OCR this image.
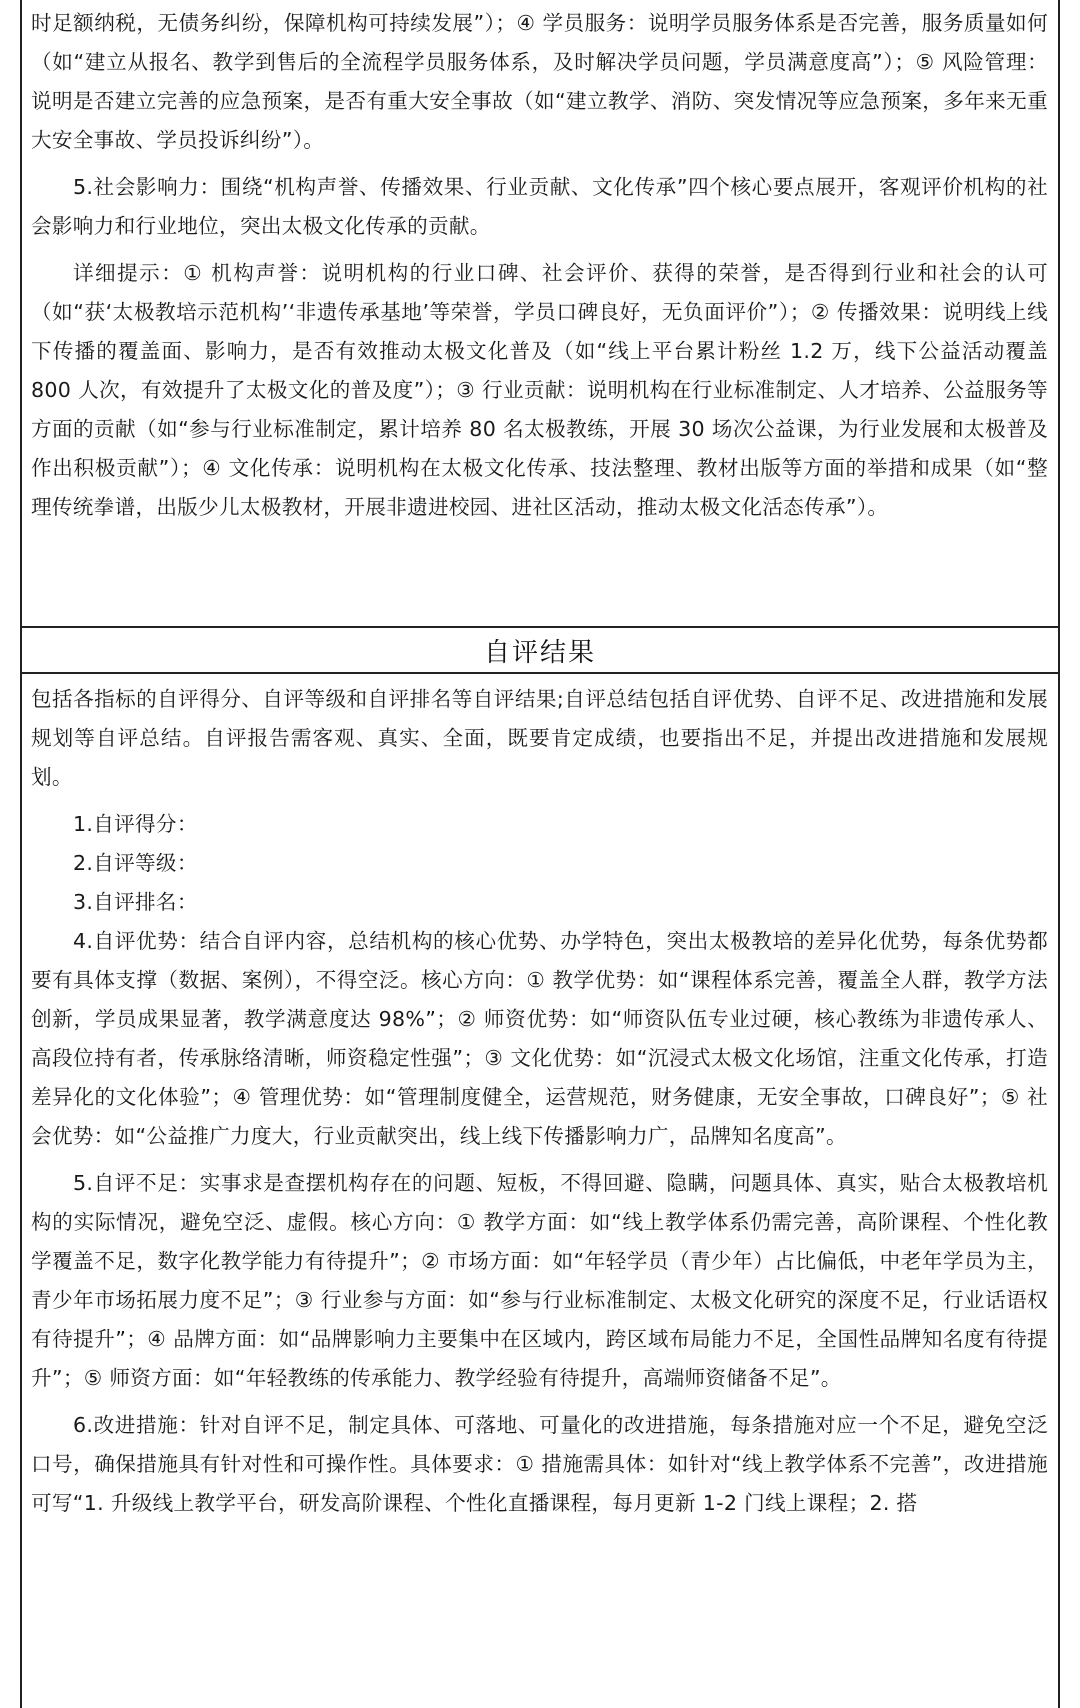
时足额纳税，无债务纠纷，保障机构可持续发展”）；④ 学员服务：说明学员服务体系是否完善，服务质量如何（如“建立从报名、教学到售后的全流程学员服务体系，及时解决学员问题，学员满意度高”）；⑤ 风险管理：说明是否建立完善的应急预案，是否有重大安全事故（如“建立教学、消防、突发情况等应急预案，多年来无重大安全事故、学员投诉纠纷”）。

5.社会影响力：围绕“机构声誉、传播效果、行业贡献、文化传承”四个核心要点展开，客观评价机构的社会影响力和行业地位，突出太极文化传承的贡献。

详细提示：① 机构声誉：说明机构的行业口碑、社会评价、获得的荣誉，是否得到行业和社会的认可（如“获‘太极教培示范机构’‘非遗传承基地’等荣誉，学员口碑良好，无负面评价”）；② 传播效果：说明线上线下传播的覆盖面、影响力，是否有效推动太极文化普及（如“线上平台累计粉丝 1.2 万，线下公益活动覆盖 800 人次，有效提升了太极文化的普及度”）；③ 行业贡献：说明机构在行业标准制定、人才培养、公益服务等方面的贡献（如“参与行业标准制定，累计培养 80 名太极教练，开展 30 场次公益课，为行业发展和太极普及作出积极贡献”）；④ 文化传承：说明机构在太极文化传承、技法整理、教材出版等方面的举措和成果（如“整理传统拳谱，出版少儿太极教材，开展非遗进校园、进社区活动，推动太极文化活态传承”）。

自评结果

包括各指标的自评得分、自评等级和自评排名等自评结果;自评总结包括自评优势、自评不足、改进措施和发展规划等自评总结。自评报告需客观、真实、全面，既要肯定成绩，也要指出不足，并提出改进措施和发展规划。

1.自评得分：

2.自评等级：

3.自评排名：

4.自评优势：结合自评内容，总结机构的核心优势、办学特色，突出太极教培的差异化优势，每条优势都要有具体支撑（数据、案例），不得空泛。核心方向：① 教学优势：如“课程体系完善，覆盖全人群，教学方法创新，学员成果显著，教学满意度达 98%”；② 师资优势：如“师资队伍专业过硬，核心教练为非遗传承人、高段位持有者，传承脉络清晰，师资稳定性强”；③ 文化优势：如“沉浸式太极文化场馆，注重文化传承，打造差异化的文化体验”；④ 管理优势：如“管理制度健全，运营规范，财务健康，无安全事故，口碑良好”；⑤ 社会优势：如“公益推广力度大，行业贡献突出，线上线下传播影响力广，品牌知名度高”。

5.自评不足：实事求是查摆机构存在的问题、短板，不得回避、隐瞒，问题具体、真实，贴合太极教培机构的实际情况，避免空泛、虚假。核心方向：① 教学方面：如“线上教学体系仍需完善，高阶课程、个性化教学覆盖不足，数字化教学能力有待提升”；② 市场方面：如“年轻学员（青少年）占比偏低，中老年学员为主，青少年市场拓展力度不足”；③ 行业参与方面：如“参与行业标准制定、太极文化研究的深度不足，行业话语权有待提升”；④ 品牌方面：如“品牌影响力主要集中在区域内，跨区域布局能力不足，全国性品牌知名度有待提升”；⑤ 师资方面：如“年轻教练的传承能力、教学经验有待提升，高端师资储备不足”。

6.改进措施：针对自评不足，制定具体、可落地、可量化的改进措施，每条措施对应一个不足，避免空泛口号，确保措施具有针对性和可操作性。具体要求：① 措施需具体：如针对“线上教学体系不完善”，改进措施可写“1. 升级线上教学平台，研发高阶课程、个性化直播课程，每月更新 1-2 门线上课程；2. 搭
